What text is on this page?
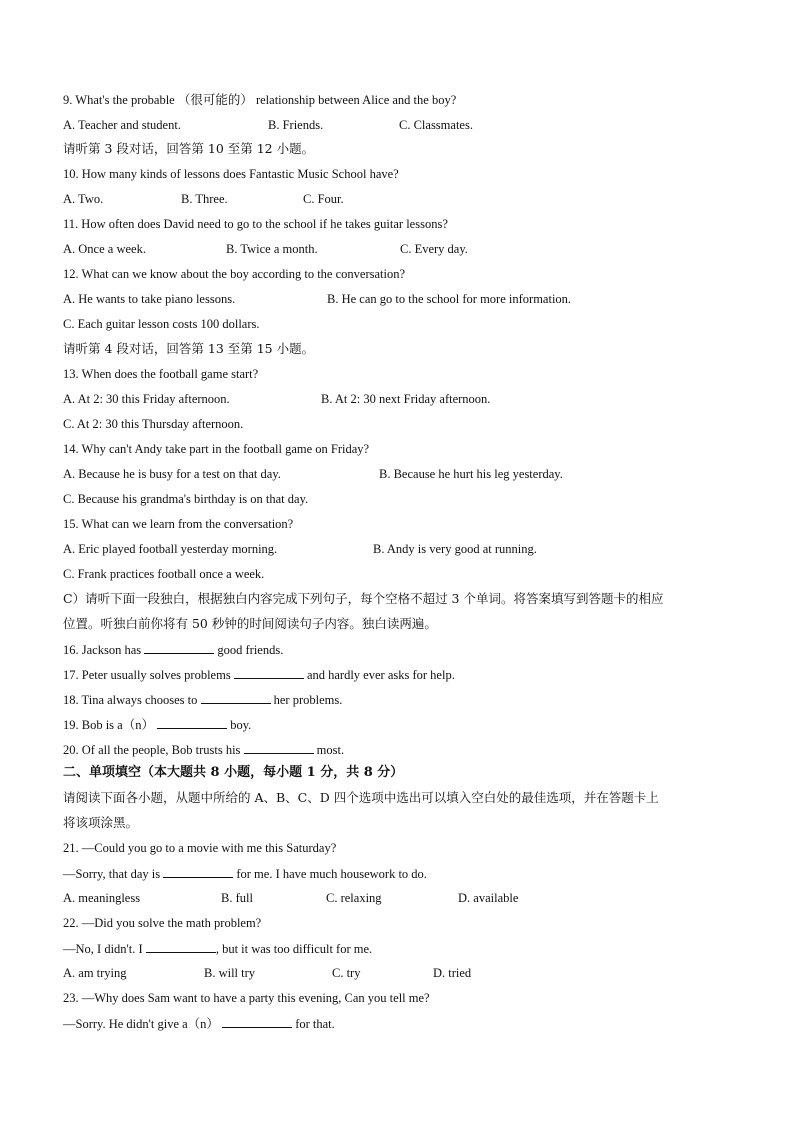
9. What's the probable （很可能的） relationship between Alice and the boy?
A. Teacher and student.	B. Friends.	C. Classmates.
请听第 3 段对话，回答第 10 至第 12 小题。
10. How many kinds of lessons does Fantastic Music School have?
A. Two.	B. Three.	C. Four.
11. How often does David need to go to the school if he takes guitar lessons?
A. Once a week.	B. Twice a month.	C. Every day.
12. What can we know about the boy according to the conversation?
A. He wants to take piano lessons.	B. He can go to the school for more information.
C. Each guitar lesson costs 100 dollars.
请听第 4 段对话，回答第 13 至第 15 小题。
13. When does the football game start?
A. At 2: 30 this Friday afternoon.	B. At 2: 30 next Friday afternoon.
C. At 2: 30 this Thursday afternoon.
14. Why can't Andy take part in the football game on Friday?
A. Because he is busy for a test on that day.	B. Because he hurt his leg yesterday.
C. Because his grandma's birthday is on that day.
15. What can we learn from the conversation?
A. Eric played football yesterday morning.	B. Andy is very good at running.
C. Frank practices football once a week.
C）请听下面一段独白，根据独白内容完成下列句子，每个空格不超过 3 个单词。将答案填写到答题卡的相应
位置。听独白前你将有 50 秒钟的时间阅读句子内容。独白读两遍。
16. Jackson has	good friends.
17. Peter usually solves problems	and hardly ever asks for help.
18. Tina always chooses to	her problems.
19. Bob is a（n）	boy.
20. Of all the people, Bob trusts his	most.
二、单项填空（本大题共 8 小题，每小题 1 分，共 8 分）
请阅读下面各小题，从题中所给的 A、B、C、D 四个选项中选出可以填入空白处的最佳选项，并在答题卡上
将该项涂黑。
21. —Could you go to a movie with me this Saturday?
—Sorry, that day is	for me. I have much housework to do.
A. meaningless	B. full	C. relaxing	D. available
22. —Did you solve the math problem?
—No, I didn't. I	, but it was too difficult for me.
A. am trying	B. will try	C. try	D. tried
23. —Why does Sam want to have a party this evening, Can you tell me?
—Sorry. He didn't give a（n）	for that.
